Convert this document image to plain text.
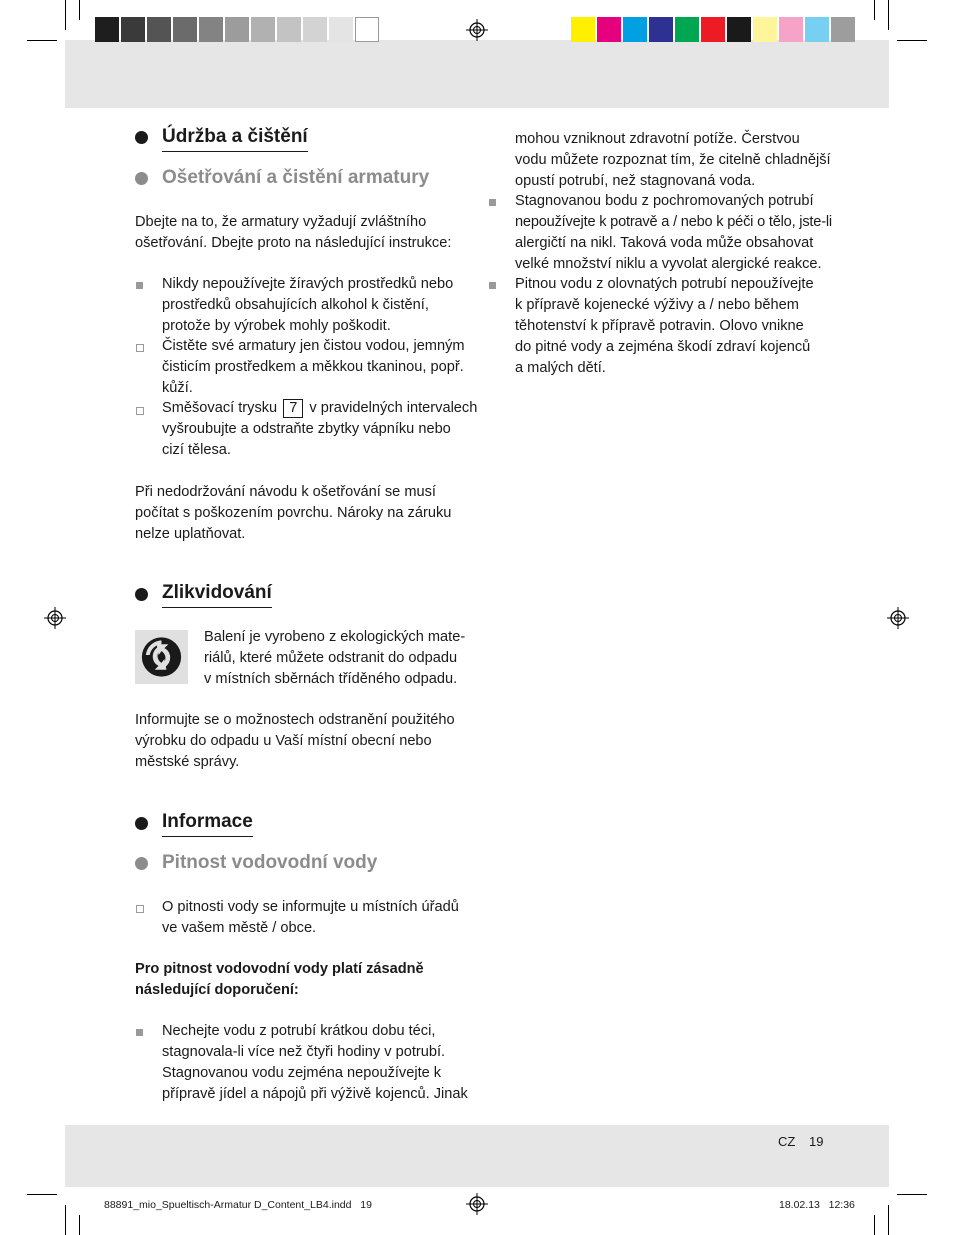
Údržba a čištění
Ošetřování a čistění armatury

Dbejte na to, že armatury vyžadují zvláštního

ošetřování. Dbejte proto na následující instrukce:

Nikdy nepoužívejte žíravých prostředků nebo

prostředků obsahujících alkohol k čistění,

protože by výrobek mohly poškodit.

Čistěte své armatury jen čistou vodou, jemným

čisticím prostředkem a měkkou tkaninou, popř.

kůží.

Směšovací trysku 7 v pravidelných intervalech

vyšroubujte a odstraňte zbytky vápníku nebo

cizí tělesa.

Při nedodržování návodu k ošetřování se musí

počítat s poškozením povrchu. Nároky na záruku

nelze uplatňovat.

Zlikvidování

Balení je vyrobeno z ekologických mate-

riálů, které můžete odstranit do odpadu

v místních sběrnách tříděného odpadu.

Informujte se o možnostech odstranění použitého

výrobku do odpadu u Vaší místní obecní nebo

městské správy.

Informace
Pitnost vodovodní vody

O pitnosti vody se informujte u místních úřadů

ve vašem městě / obce.

Pro pitnost vodovodní vody platí zásadně

následující doporučení:

Nechejte vodu z potrubí krátkou dobu téci,

stagnovala-li více než čtyři hodiny v potrubí.

Stagnovanou vodu zejména nepoužívejte k

přípravě jídel a nápojů při výživě kojenců. Jinak

mohou vzniknout zdravotní potíže. Čerstvou

vodu můžete rozpoznat tím, že citelně chladnější

opustí potrubí, než stagnovaná voda.

Stagnovanou bodu z pochromovaných potrubí

nepoužívejte k potravě a / nebo k péči o tělo, jste-li

alergičtí na nikl. Taková voda může obsahovat

velké množství niklu a vyvolat alergické reakce.

Pitnou vodu z olovnatých potrubí nepoužívejte

k přípravě kojenecké výživy a / nebo během

těhotenství k přípravě potravin. Olovo vnikne

do pitné vody a zejména škodí zdraví kojenců

a malých dětí.

CZ 19
88891_mio_Spueltisch-Armatur D_Content_LB4.indd   19	18.02.13   12:36
